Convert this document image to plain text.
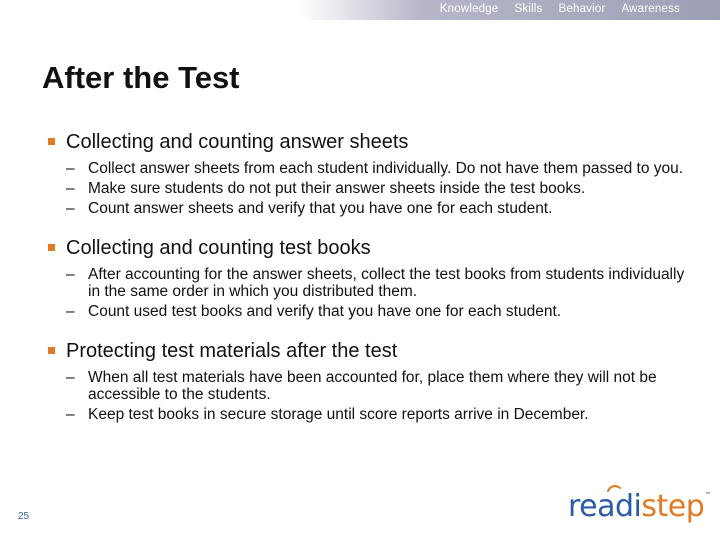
Knowledge Skills Behavior Awareness
After the Test
Collecting and counting answer sheets
– Collect answer sheets from each student individually. Do not have them passed to you.
– Make sure students do not put their answer sheets inside the test books.
– Count answer sheets and verify that you have one for each student.
Collecting and counting test books
– After accounting for the answer sheets, collect the test books from students individually in the same order in which you distributed them.
– Count used test books and verify that you have one for each student.
Protecting test materials after the test
– When all test materials have been accounted for, place them where they will not be accessible to the students.
– Keep test books in secure storage until score reports arrive in December.
25	readistep™
